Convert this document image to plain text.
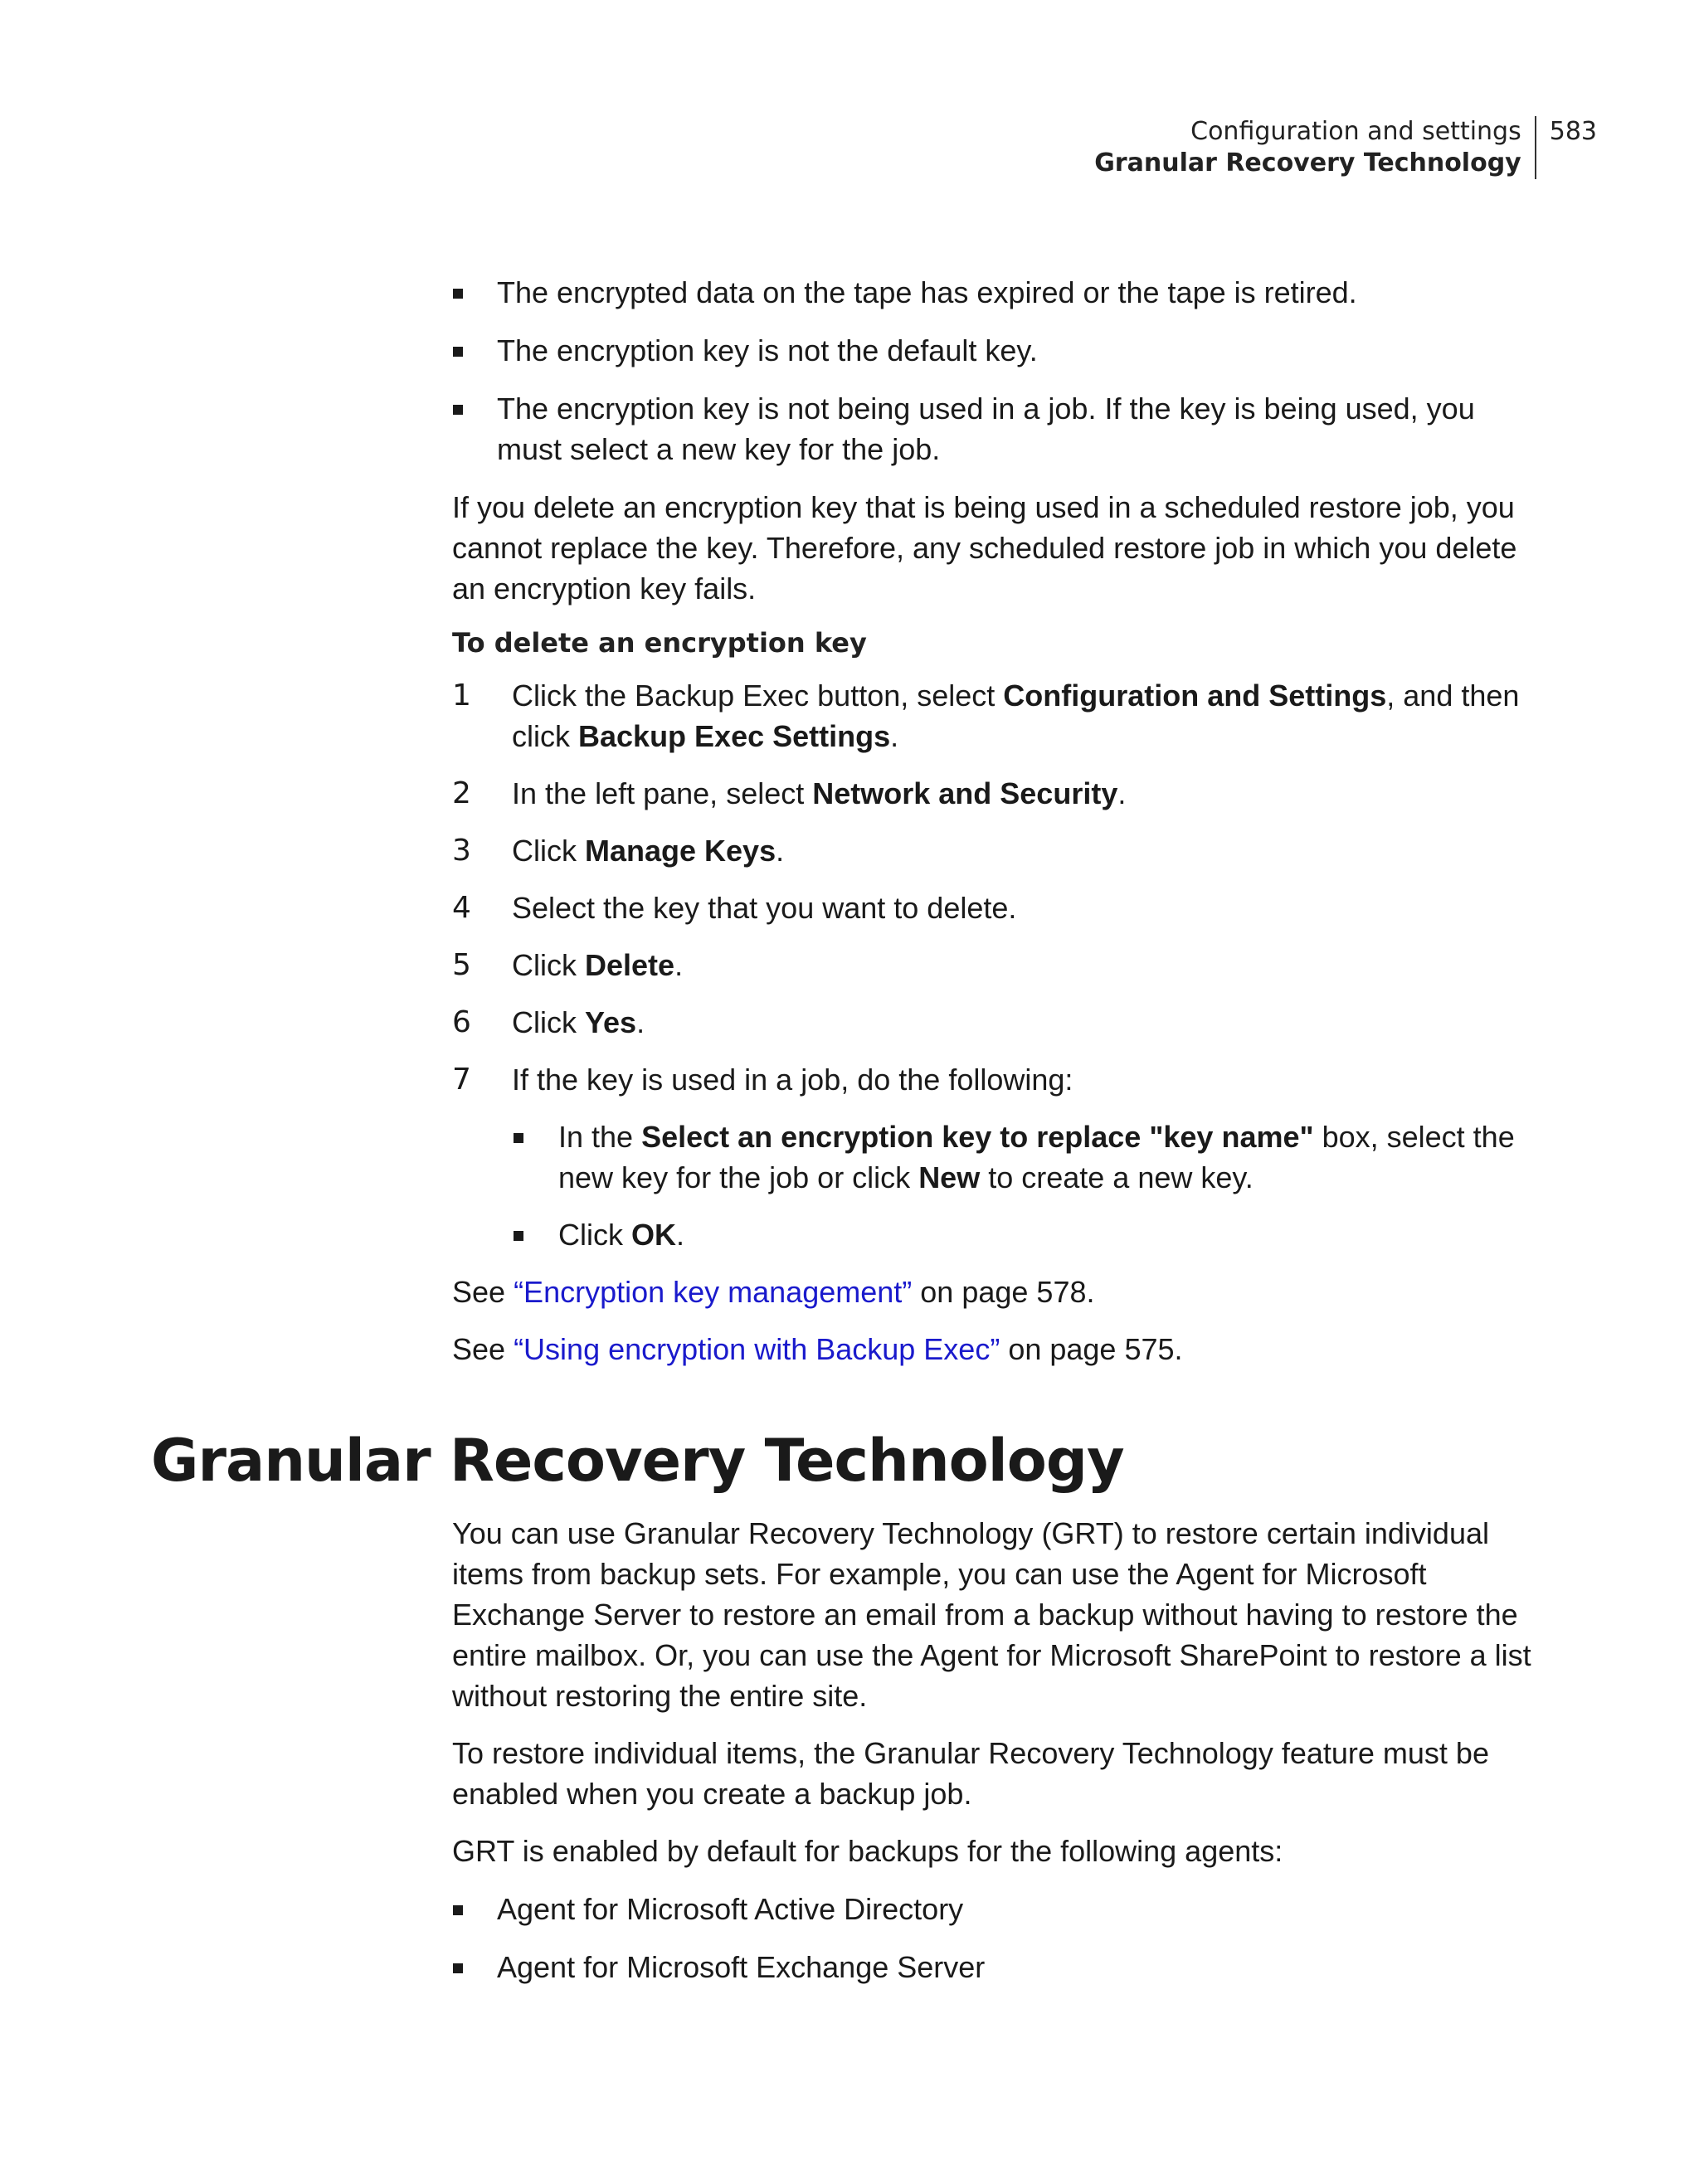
Configuration and settings
Granular Recovery Technology
583
The encrypted data on the tape has expired or the tape is retired.
The encryption key is not the default key.
The encryption key is not being used in a job. If the key is being used, you must select a new key for the job.

If you delete an encryption key that is being used in a scheduled restore job, you cannot replace the key. Therefore, any scheduled restore job in which you delete an encryption key fails.

To delete an encryption key
1 Click the Backup Exec button, select Configuration and Settings, and then click Backup Exec Settings.
2 In the left pane, select Network and Security.
3 Click Manage Keys.
4 Select the key that you want to delete.
5 Click Delete.
6 Click Yes.
7 If the key is used in a job, do the following:
In the Select an encryption key to replace "key name" box, select the new key for the job or click New to create a new key.
Click OK.

See “Encryption key management” on page 578.

See “Using encryption with Backup Exec” on page 575.

Granular Recovery Technology

You can use Granular Recovery Technology (GRT) to restore certain individual items from backup sets. For example, you can use the Agent for Microsoft Exchange Server to restore an email from a backup without having to restore the entire mailbox. Or, you can use the Agent for Microsoft SharePoint to restore a list without restoring the entire site.

To restore individual items, the Granular Recovery Technology feature must be enabled when you create a backup job.

GRT is enabled by default for backups for the following agents:

Agent for Microsoft Active Directory
Agent for Microsoft Exchange Server
